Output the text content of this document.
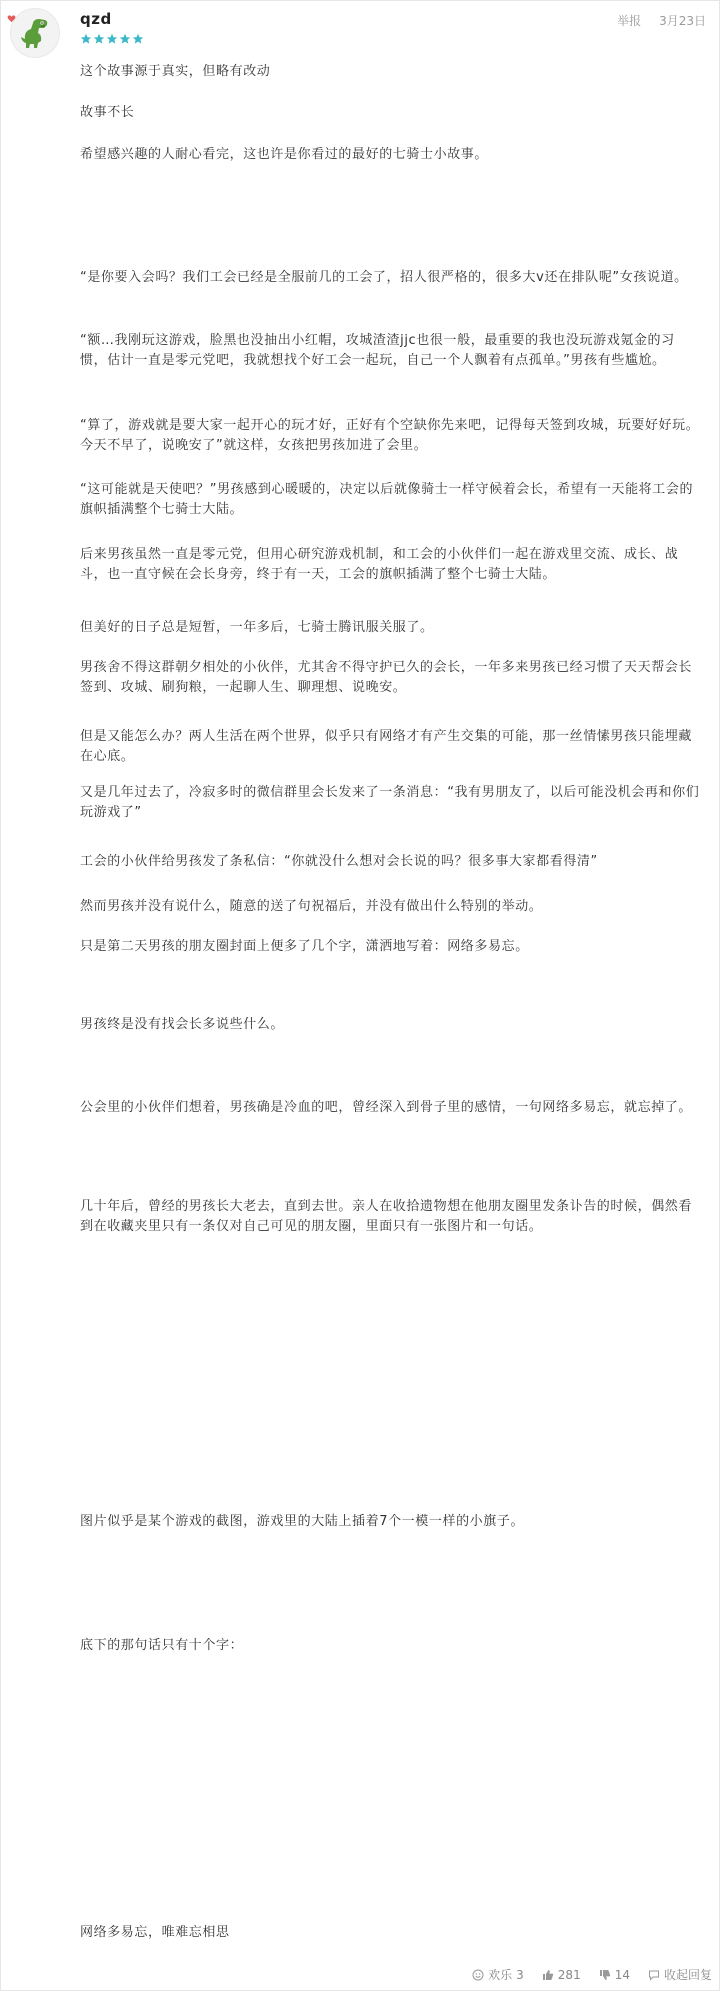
qzd	举报 3月23日

这个故事源于真实，但略有改动

故事不长

希望感兴趣的人耐心看完，这也许是你看过的最好的七骑士小故事。

“是你要入会吗？我们工会已经是全服前几的工会了，招人很严格的，很多大v还在排队呢”女孩说道。

“额…我刚玩这游戏，脸黑也没抽出小红帽，攻城渣渣jjc也很一般，最重要的我也没玩游戏氪金的习惯，估计一直是零元党吧，我就想找个好工会一起玩，自己一个人飘着有点孤单。”男孩有些尴尬。

“算了，游戏就是要大家一起开心的玩才好，正好有个空缺你先来吧，记得每天签到攻城，玩要好好玩。今天不早了，说晚安了”就这样，女孩把男孩加进了会里。

“这可能就是天使吧？”男孩感到心暖暖的，决定以后就像骑士一样守候着会长，希望有一天能将工会的旗帜插满整个七骑士大陆。

后来男孩虽然一直是零元党，但用心研究游戏机制，和工会的小伙伴们一起在游戏里交流、成长、战斗，也一直守候在会长身旁，终于有一天，工会的旗帜插满了整个七骑士大陆。

但美好的日子总是短暂，一年多后，七骑士腾讯服关服了。

男孩舍不得这群朝夕相处的小伙伴，尤其舍不得守护已久的会长，一年多来男孩已经习惯了天天帮会长签到、攻城、刷狗粮，一起聊人生、聊理想、说晚安。

但是又能怎么办？两人生活在两个世界，似乎只有网络才有产生交集的可能，那一丝情愫男孩只能埋藏在心底。

又是几年过去了，冷寂多时的微信群里会长发来了一条消息：“我有男朋友了，以后可能没机会再和你们玩游戏了”

工会的小伙伴给男孩发了条私信：“你就没什么想对会长说的吗？很多事大家都看得清”

然而男孩并没有说什么，随意的送了句祝福后，并没有做出什么特别的举动。

只是第二天男孩的朋友圈封面上便多了几个字，潇洒地写着：网络多易忘。

男孩终是没有找会长多说些什么。

公会里的小伙伴们想着，男孩确是冷血的吧，曾经深入到骨子里的感情，一句网络多易忘，就忘掉了。

几十年后，曾经的男孩长大老去，直到去世。亲人在收拾遗物想在他朋友圈里发条讣告的时候，偶然看到在收藏夹里只有一条仅对自己可见的朋友圈，里面只有一张图片和一句话。

图片似乎是某个游戏的截图，游戏里的大陆上插着7个一模一样的小旗子。

底下的那句话只有十个字：

网络多易忘，唯难忘相思

欢乐 3	281	14	收起回复
